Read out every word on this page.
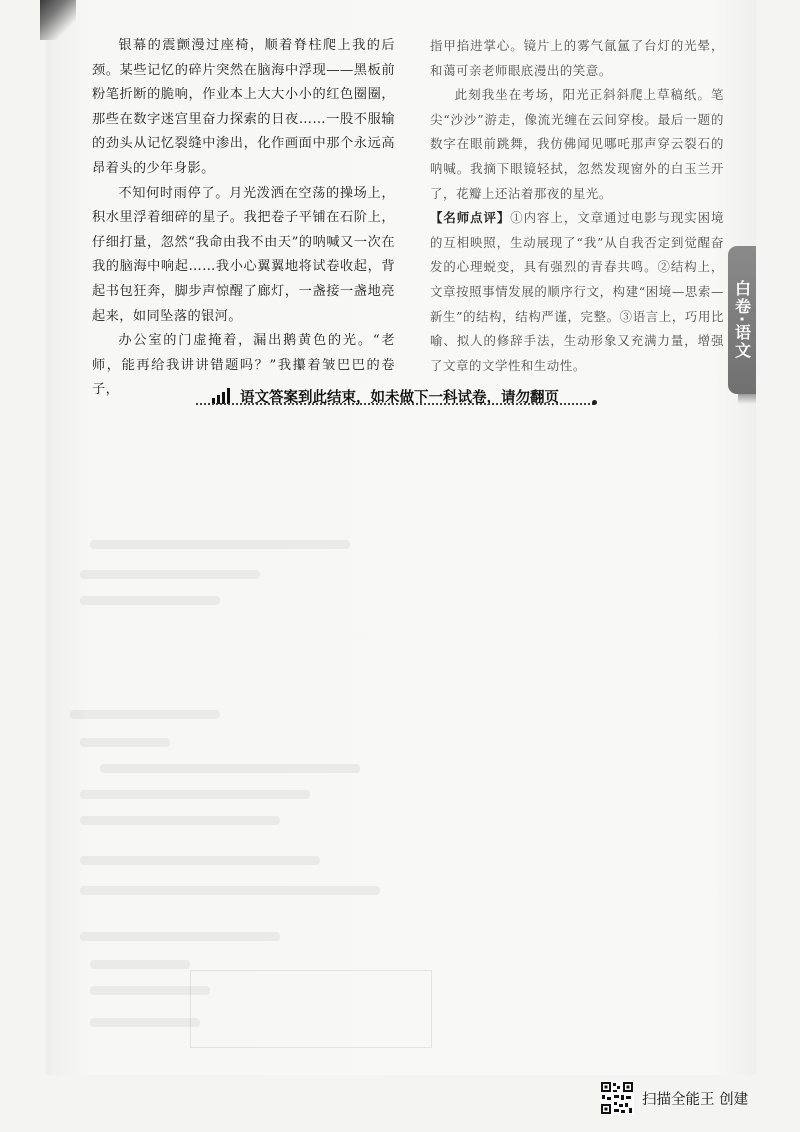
银幕的震颤漫过座椅，顺着脊柱爬上我的后颈。某些记忆的碎片突然在脑海中浮现——黑板前粉笔折断的脆响，作业本上大大小小的红色圈圈，那些在数字迷宫里奋力探索的日夜……一股不服输的劲头从记忆裂缝中渗出，化作画面中那个永远高昂着头的少年身影。

不知何时雨停了。月光泼洒在空荡的操场上，积水里浮着细碎的星子。我把卷子平铺在石阶上，仔细打量，忽然“我命由我不由天”的呐喊又一次在我的脑海中响起……我小心翼翼地将试卷收起，背起书包狂奔，脚步声惊醒了廊灯，一盏接一盏地亮起来，如同坠落的银河。

办公室的门虚掩着，漏出鹅黄色的光。“老师，能再给我讲讲错题吗？”我攥着皱巴巴的卷子，

指甲掐进掌心。镜片上的雾气氤氲了台灯的光晕，和蔼可亲老师眼底漫出的笑意。

此刻我坐在考场，阳光正斜斜爬上草稿纸。笔尖“沙沙”游走，像流光缠在云间穿梭。最后一题的数字在眼前跳舞，我仿佛闻见哪吒那声穿云裂石的呐喊。我摘下眼镜轻拭，忽然发现窗外的白玉兰开了，花瓣上还沾着那夜的星光。

【名师点评】①内容上，文章通过电影与现实困境的互相映照，生动展现了“我”从自我否定到觉醒奋发的心理蜕变，具有强烈的青春共鸣。②结构上，文章按照事情发展的顺序行文，构建“困境—思索—新生”的结构，结构严谨，完整。③语言上，巧用比喻、拟人的修辞手法，生动形象又充满力量，增强了文章的文学性和生动性。

语文答案到此结束，如未做下一科试卷，请勿翻页
白卷·语文
扫描全能王 创建
